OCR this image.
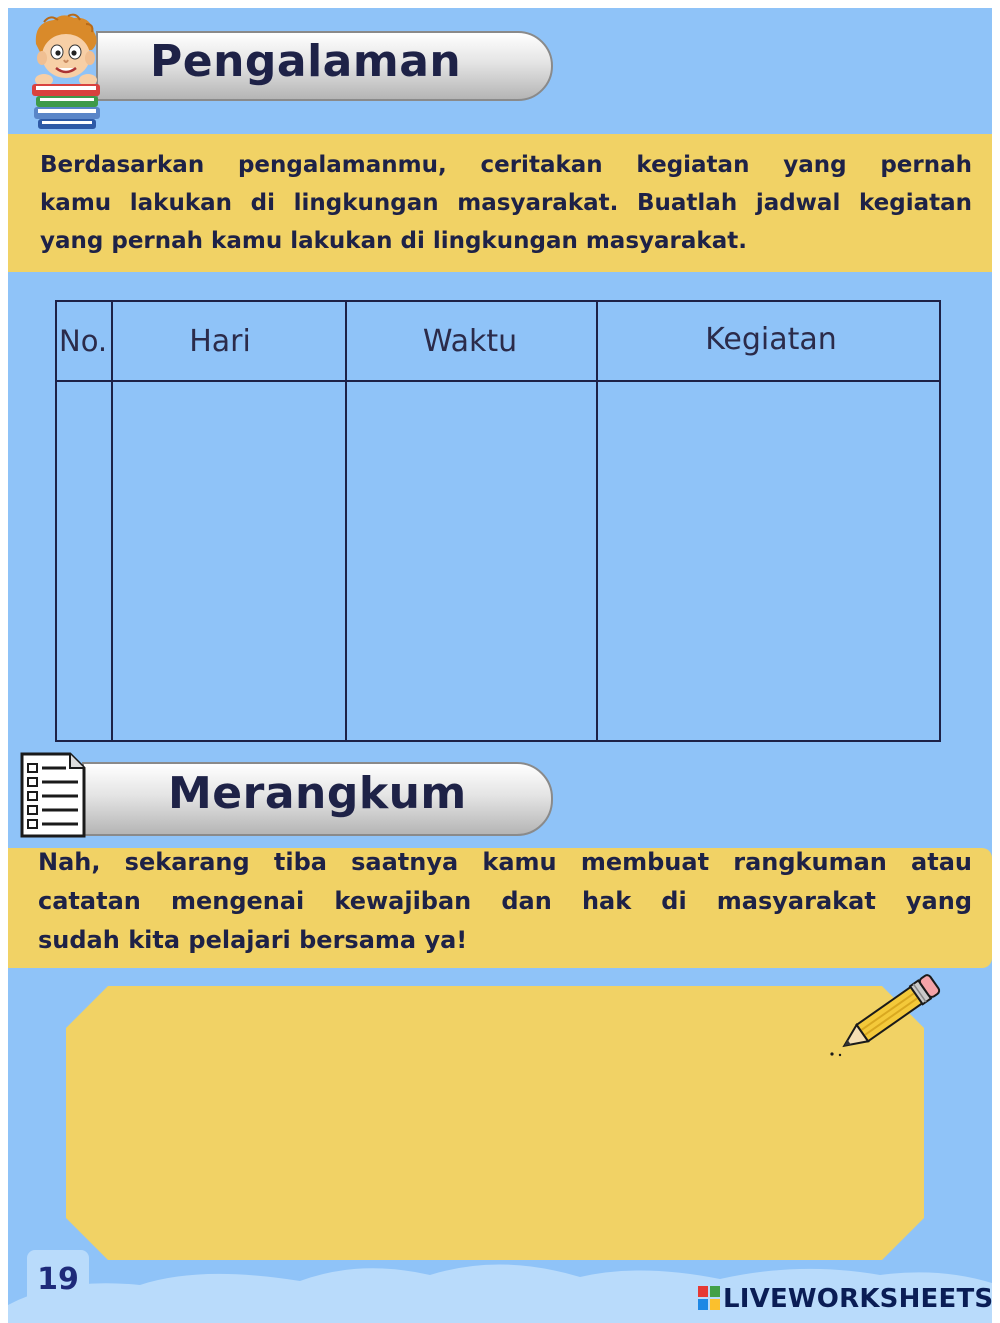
Pengalaman
Berdasarkan pengalamanmu, ceritakan kegiatan yang pernah
kamu lakukan di lingkungan masyarakat. Buatlah jadwal kegiatan
yang pernah kamu lakukan di lingkungan masyarakat.
No.	Hari	Waktu	Kegiatan
Merangkum
Nah, sekarang tiba saatnya kamu membuat rangkuman atau
catatan mengenai kewajiban dan hak di masyarakat yang
sudah kita pelajari bersama ya!
19
LIVEWORKSHEETS
